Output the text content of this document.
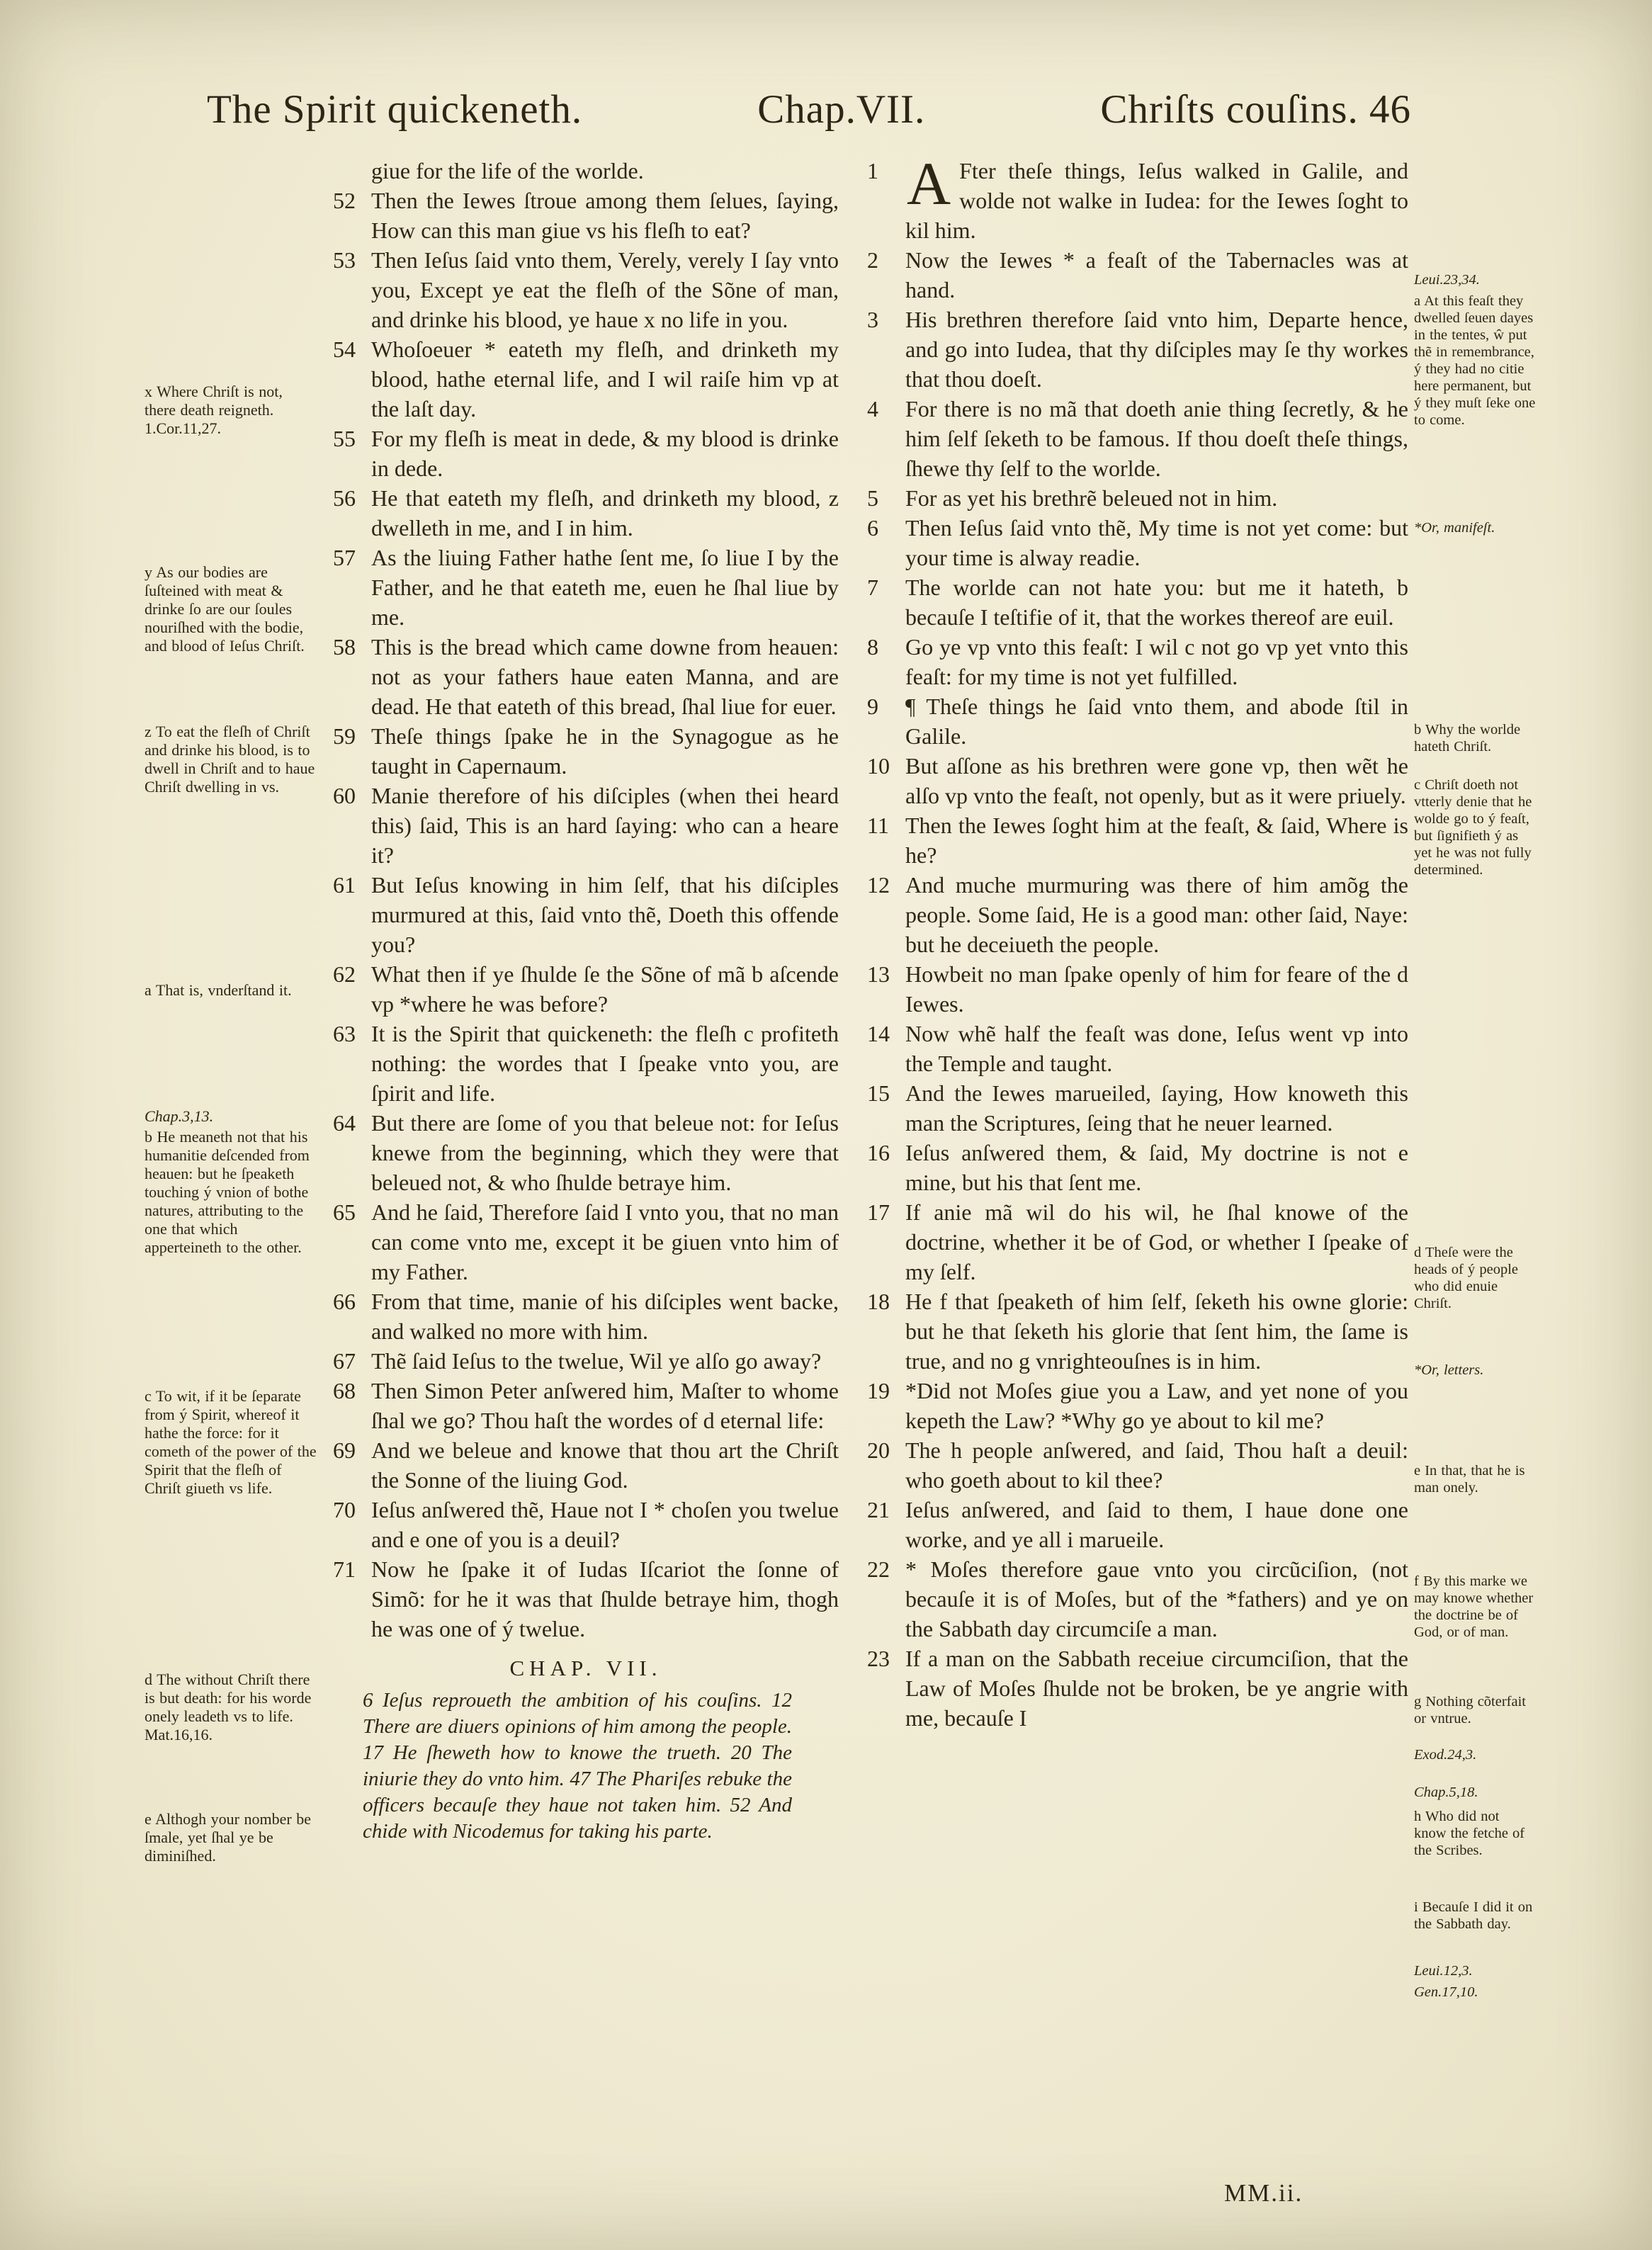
The Spirit quickeneth.	Chap.VII.	Chriſts couſins. 46
x Where Chriſt is not, there death reigneth. 1.Cor.11,27.
y As our bodies are ſuſteined with meat & drinke ſo are our ſoules nouriſhed with the bodie, and blood of Ieſus Chriſt.
z To eat the fleſh of Chriſt and drinke his blood, is to dwell in Chriſt and to haue Chriſt dwelling in vs.
a That is, vnderſtand it.
Chap.3,13.
b He meaneth not that his humanitie deſcended from heauen: but he ſpeaketh touching ý vnion of bothe natures, attributing to the one that which apperteineth to the other.
c To wit, if it be ſeparate from ý Spirit, whereof it hathe the force: for it cometh of the power of the Spirit that the fleſh of Chriſt giueth vs life.
d The without Chriſt there is but death: for his worde onely leadeth vs to life. Mat.16,16.
e Althogh your nomber be ſmale, yet ſhal ye be diminiſhed.

giue for the life of the worlde.

52 Then the Iewes ſtroue among them ſelues, ſaying, How can this man giue vs his fleſh to eat?
53 Then Ieſus ſaid vnto them, Verely, verely I ſay vnto you, Except ye eat the fleſh of the Sõne of man, and drinke his blood, ye haue x no life in you.
54 Whoſoeuer * eateth my fleſh, and drinketh my blood, hathe eternal life, and I wil raiſe him vp at the laſt day.
55 For my fleſh is meat in dede, & my blood is drinke in dede.
56 He that eateth my fleſh, and drinketh my blood, z dwelleth in me, and I in him.
57 As the liuing Father hathe ſent me, ſo liue I by the Father, and he that eateth me, euen he ſhal liue by me.
58 This is the bread which came downe from heauen: not as your fathers haue eaten Manna, and are dead. He that eateth of this bread, ſhal liue for euer.
59 Theſe things ſpake he in the Synagogue as he taught in Capernaum.
60 Manie therefore of his diſciples (when thei heard this) ſaid, This is an hard ſaying: who can a heare it?
61 But Ieſus knowing in him ſelf, that his diſciples murmured at this, ſaid vnto thẽ, Doeth this offende you?
62 What then if ye ſhulde ſe the Sõne of mã b aſcende vp *where he was before?
63 It is the Spirit that quickeneth: the fleſh c profiteth nothing: the wordes that I ſpeake vnto you, are ſpirit and life.
64 But there are ſome of you that beleue not: for Ieſus knewe from the beginning, which they were that beleued not, & who ſhulde betraye him.
65 And he ſaid, Therefore ſaid I vnto you, that no man can come vnto me, except it be giuen vnto him of my Father.
66 From that time, manie of his diſciples went backe, and walked no more with him.
67 Thẽ ſaid Ieſus to the twelue, Wil ye alſo go away?
68 Then Simon Peter anſwered him, Maſter to whome ſhal we go? Thou haſt the wordes of d eternal life:
69 And we beleue and knowe that thou art the Chriſt the Sonne of the liuing God.
70 Ieſus anſwered thẽ, Haue not I * choſen you twelue and e one of you is a deuil?
71 Now he ſpake it of Iudas Iſcariot the ſonne of Simõ: for he it was that ſhulde betraye him, thogh he was one of ý twelue.
CHAP. VII.

6 Ieſus reproueth the ambition of his couſins. 12 There are diuers opinions of him among the people. 17 He ſheweth how to knowe the trueth. 20 The iniurie they do vnto him. 47 The Phariſes rebuke the officers becauſe they haue not taken him. 52 And chide with Nicodemus for taking his parte.

1 A Fter theſe things, Ieſus walked in Galile, and wolde not walke in Iudea: for the Iewes ſoght to kil him.
2	Now the Iewes * a feaſt of the Tabernacles was at hand.
3	His brethren therefore ſaid vnto him, Departe hence, and go into Iudea, that thy diſciples may ſe thy workes that thou doeſt.
4	For there is no mã that doeth anie thing ſecretly, & he him ſelf ſeketh to be famous. If thou doeſt theſe things, ſhewe thy ſelf to the worlde.
5	For as yet his brethrẽ beleued not in him.
6	Then Ieſus ſaid vnto thẽ, My time is not yet come: but your time is alway readie.
7	The worlde can not hate you: but me it hateth, b becauſe I teſtifie of it, that the workes thereof are euil.
8	Go ye vp vnto this feaſt: I wil c not go vp yet vnto this feaſt: for my time is not yet fulfilled.
9	¶ Theſe things he ſaid vnto them, and abode ſtil in Galile.
10 But aſſone as his brethren were gone vp, then wẽt he alſo vp vnto the feaſt, not openly, but as it were priuely.
11 Then the Iewes ſoght him at the feaſt, & ſaid, Where is he?
12 And muche murmuring was there of him amõg the people. Some ſaid, He is a good man: other ſaid, Naye: but he deceiueth the people.
13 Howbeit no man ſpake openly of him for feare of the d Iewes.
14 Now whẽ half the feaſt was done, Ieſus went vp into the Temple and taught.
15 And the Iewes marueiled, ſaying, How knoweth this man the Scriptures, ſeing that he neuer learned.
16 Ieſus anſwered them, & ſaid, My doctrine is not e mine, but his that ſent me.
17 If anie mã wil do his wil, he ſhal knowe of the doctrine, whether it be of God, or whether I ſpeake of my ſelf.
18 He f that ſpeaketh of him ſelf, ſeketh his owne glorie: but he that ſeketh his glorie that ſent him, the ſame is true, and no g vnrighteouſnes is in him.
19 *Did not Moſes giue you a Law, and yet none of you kepeth the Law? *Why go ye about to kil me?
20 The h people anſwered, and ſaid, Thou haſt a deuil: who goeth about to kil thee?
21 Ieſus anſwered, and ſaid to them, I haue done one worke, and ye all i marueile.
22 * Moſes therefore gaue vnto you circũciſion, (not becauſe it is of Moſes, but of the *fathers) and ye on the Sabbath day circumciſe a man.
23 If a man on the Sabbath receiue circumciſion, that the Law of Moſes ſhulde not be broken, be ye angrie with me, becauſe I
Leui.23,34.
a At this feaſt they dwelled ſeuen dayes in the tentes, ŵ put thẽ in remembrance, ý they had no citie here permanent, but ý they muſt ſeke one to come.
*Or, manifeſt.
b Why the worlde hateth Chriſt.
c Chriſt doeth not vtterly denie that he wolde go to ý feaſt, but ſignifieth ý as yet he was not fully determined.
d Theſe were the heads of ý people who did enuie Chriſt.
*Or, letters.
e In that, that he is man onely.
f By this marke we may knowe whether the doctrine be of God, or of man.
g Nothing cõterfait or vntrue.
Exod.24,3.
Chap.5,18.
h Who did not know the fetche of the Scribes.
i Becauſe I did it on the Sabbath day.
Leui.12,3.
Gen.17,10.
MM.ii.
